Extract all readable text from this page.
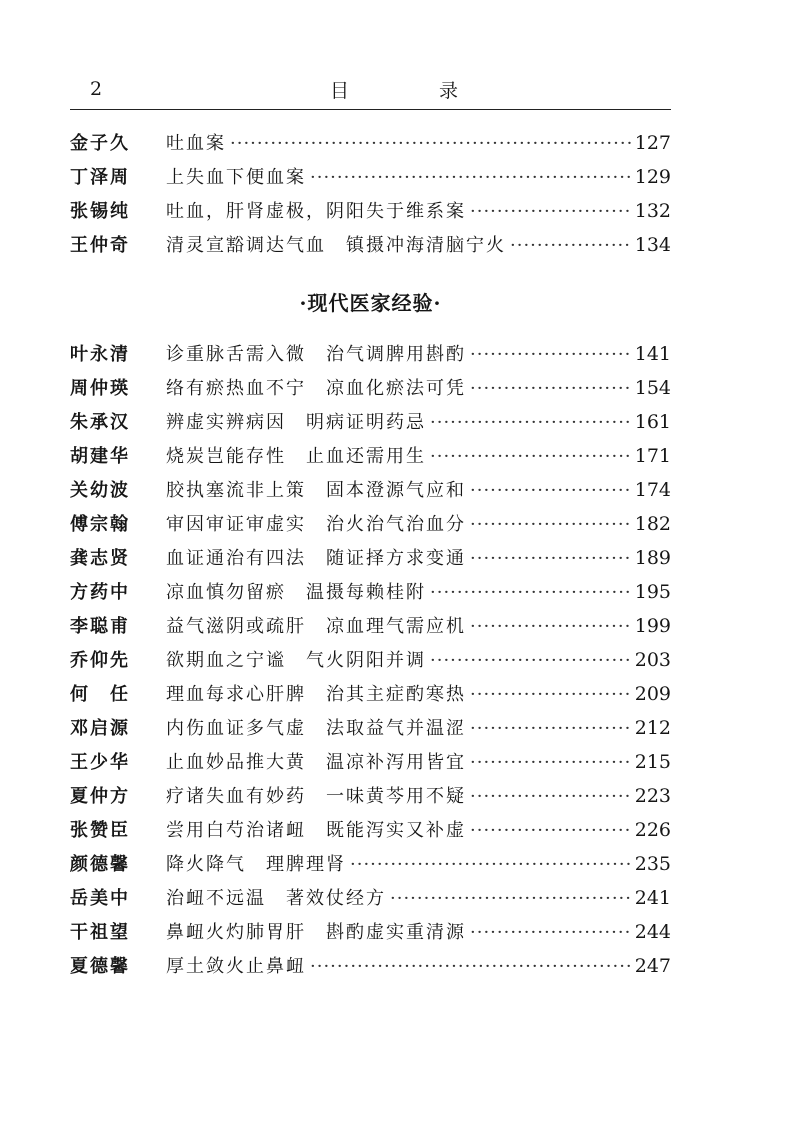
2	目 录
金子久	吐血案 ·····	127
丁泽周	上失血下便血案 ·····	129
张锡纯	吐血，肝肾虚极，阴阳失于维系案 ·····	132
王仲奇	清灵宣豁调达气血　镇摄冲海清脑宁火 ·····	134
·现代医家经验·
叶永清	诊重脉舌需入微　治气调脾用斟酌 ·····	141
周仲瑛	络有瘀热血不宁　凉血化瘀法可凭 ·····	154
朱承汉	辨虚实辨病因　明病证明药忌 ·····	161
胡建华	烧炭岂能存性　止血还需用生 ·····	171
关幼波	胶执塞流非上策　固本澄源气应和 ·····	174
傅宗翰	审因审证审虚实　治火治气治血分 ·····	182
龚志贤	血证通治有四法　随证择方求变通 ·····	189
方药中	凉血慎勿留瘀　温摄每赖桂附 ·····	195
李聪甫	益气滋阴或疏肝　凉血理气需应机 ·····	199
乔仰先	欲期血之宁谧　气火阴阳并调 ·····	203
何　任	理血每求心肝脾　治其主症酌寒热 ·····	209
邓启源	内伤血证多气虚　法取益气并温涩 ·····	212
王少华	止血妙品推大黄　温凉补泻用皆宜 ·····	215
夏仲方	疗诸失血有妙药　一味黄芩用不疑 ·····	223
张赞臣	尝用白芍治诸衄　既能泻实又补虚 ·····	226
颜德馨	降火降气　理脾理肾 ·····	235
岳美中	治衄不远温　著效仗经方 ·····	241
干祖望	鼻衄火灼肺胃肝　斟酌虚实重清源 ·····	244
夏德馨	厚土敛火止鼻衄 ·····	247
